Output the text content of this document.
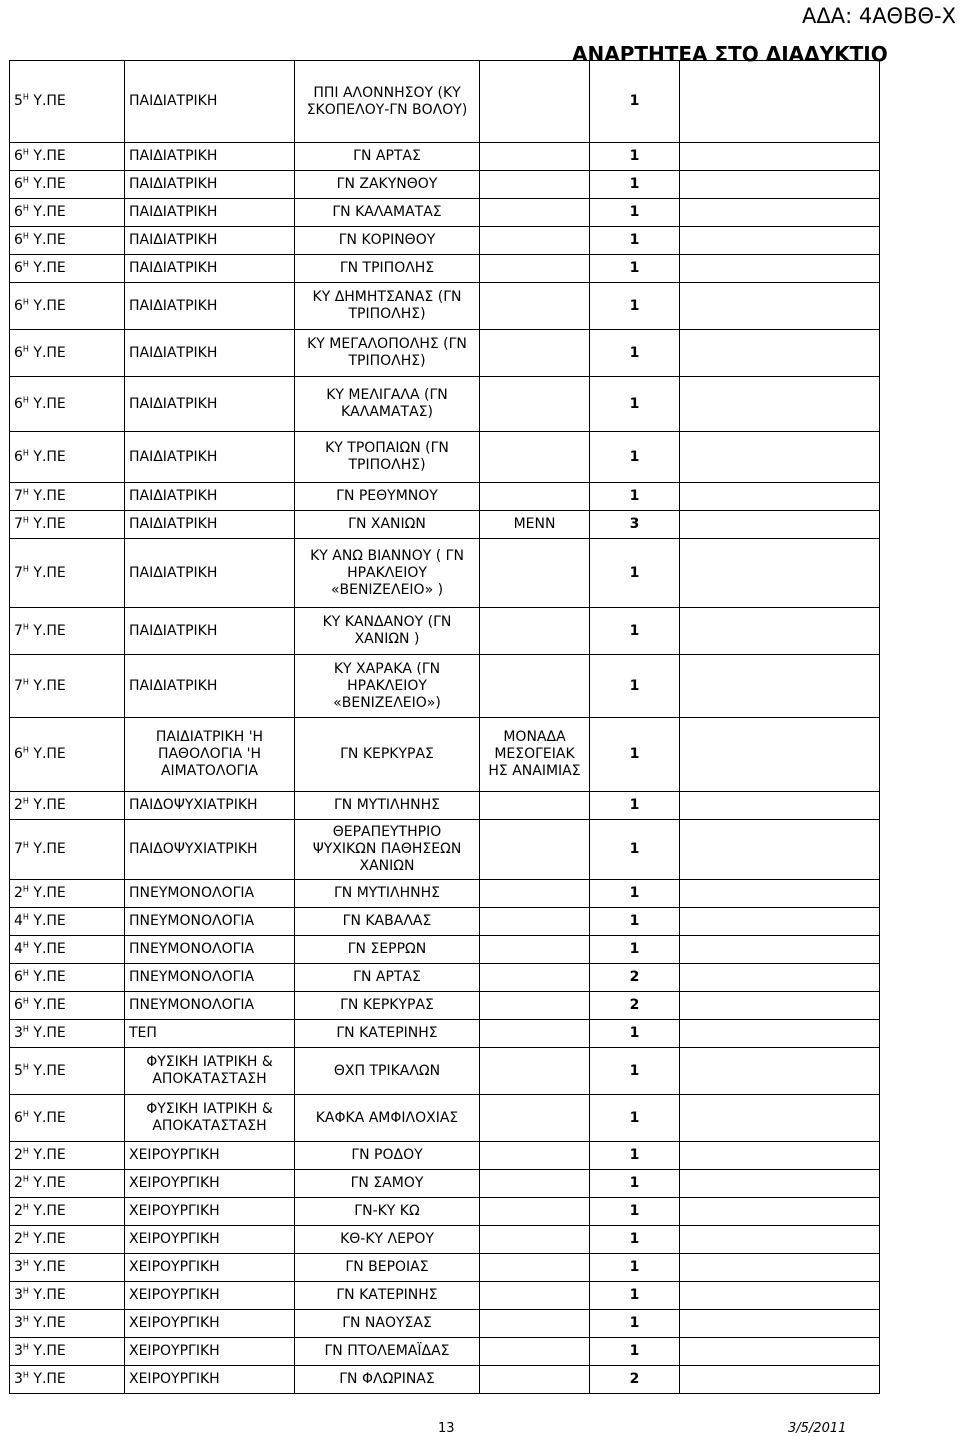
ΑΔΑ: 4ΑΘΒΘ-Χ
ΑΝΑΡΤΗΤΕΑ ΣΤΟ ΔΙΑΔΥΚΤΙΟ
$5^H$ Υ.ΠΕ	ΠΑΙΔΙΑΤΡΙΚΗ	ΠΠΙ ΑΛΟΝΝΗΣΟΥ (ΚΥ ΣΚΟΠΕΛΟΥ-ΓΝ ΒΟΛΟΥ)		1	
$6^H$ Υ.ΠΕ	ΠΑΙΔΙΑΤΡΙΚΗ	ΓΝ ΑΡΤΑΣ		1	
$6^H$ Υ.ΠΕ	ΠΑΙΔΙΑΤΡΙΚΗ	ΓΝ ΖΑΚΥΝΘΟΥ		1	
$6^H$ Υ.ΠΕ	ΠΑΙΔΙΑΤΡΙΚΗ	ΓΝ ΚΑΛΑΜΑΤΑΣ		1	
$6^H$ Υ.ΠΕ	ΠΑΙΔΙΑΤΡΙΚΗ	ΓΝ ΚΟΡΙΝΘΟΥ		1	
$6^H$ Υ.ΠΕ	ΠΑΙΔΙΑΤΡΙΚΗ	ΓΝ ΤΡΙΠΟΛΗΣ		1	
$6^H$ Υ.ΠΕ	ΠΑΙΔΙΑΤΡΙΚΗ	ΚΥ ΔΗΜΗΤΣΑΝΑΣ (ΓΝ ΤΡΙΠΟΛΗΣ)		1	
$6^H$ Υ.ΠΕ	ΠΑΙΔΙΑΤΡΙΚΗ	ΚΥ ΜΕΓΑΛΟΠΟΛΗΣ (ΓΝ ΤΡΙΠΟΛΗΣ)		1	
$6^H$ Υ.ΠΕ	ΠΑΙΔΙΑΤΡΙΚΗ	ΚΥ ΜΕΛΙΓΑΛΑ (ΓΝ ΚΑΛΑΜΑΤΑΣ)		1	
$6^H$ Υ.ΠΕ	ΠΑΙΔΙΑΤΡΙΚΗ	ΚΥ ΤΡΟΠΑΙΩΝ (ΓΝ ΤΡΙΠΟΛΗΣ)		1	
$7^H$ Υ.ΠΕ	ΠΑΙΔΙΑΤΡΙΚΗ	ΓΝ ΡΕΘΥΜΝΟΥ		1	
$7^H$ Υ.ΠΕ	ΠΑΙΔΙΑΤΡΙΚΗ	ΓΝ ΧΑΝΙΩΝ	ΜΕΝΝ	3	
$7^H$ Υ.ΠΕ	ΠΑΙΔΙΑΤΡΙΚΗ	ΚΥ ΑΝΩ ΒΙΑΝΝΟΥ ( ΓΝ ΗΡΑΚΛΕΙΟΥ «ΒΕΝΙΖΕΛΕΙΟ» )		1	
$7^H$ Υ.ΠΕ	ΠΑΙΔΙΑΤΡΙΚΗ	ΚΥ ΚΑΝΔΑΝΟΥ (ΓΝ ΧΑΝΙΩΝ )		1	
$7^H$ Υ.ΠΕ	ΠΑΙΔΙΑΤΡΙΚΗ	ΚΥ ΧΑΡΑΚΑ (ΓΝ ΗΡΑΚΛΕΙΟΥ «ΒΕΝΙΖΕΛΕΙΟ»)		1	
$6^H$ Υ.ΠΕ	ΠΑΙΔΙΑΤΡΙΚΗ 'Η ΠΑΘΟΛΟΓΙΑ 'Η ΑΙΜΑΤΟΛΟΓΙΑ	ΓΝ ΚΕΡΚΥΡΑΣ	ΜΟΝΑΔΑ ΜΕΣΟΓΕΙΑΚ ΗΣ ΑΝΑΙΜΙΑΣ	1	
$2^H$ Υ.ΠΕ	ΠΑΙΔΟΨΥΧΙΑΤΡΙΚΗ	ΓΝ ΜΥΤΙΛΗΝΗΣ		1	
$7^H$ Υ.ΠΕ	ΠΑΙΔΟΨΥΧΙΑΤΡΙΚΗ	ΘΕΡΑΠΕΥΤΗΡΙΟ ΨΥΧΙΚΩΝ ΠΑΘΗΣΕΩΝ ΧΑΝΙΩΝ		1	
$2^H$ Υ.ΠΕ	ΠΝΕΥΜΟΝΟΛΟΓΙΑ	ΓΝ ΜΥΤΙΛΗΝΗΣ		1	
$4^H$ Υ.ΠΕ	ΠΝΕΥΜΟΝΟΛΟΓΙΑ	ΓΝ ΚΑΒΑΛΑΣ		1	
$4^H$ Υ.ΠΕ	ΠΝΕΥΜΟΝΟΛΟΓΙΑ	ΓΝ ΣΕΡΡΩΝ		1	
$6^H$ Υ.ΠΕ	ΠΝΕΥΜΟΝΟΛΟΓΙΑ	ΓΝ ΑΡΤΑΣ		2	
$6^H$ Υ.ΠΕ	ΠΝΕΥΜΟΝΟΛΟΓΙΑ	ΓΝ ΚΕΡΚΥΡΑΣ		2	
$3^H$ Υ.ΠΕ	ΤΕΠ	ΓΝ ΚΑΤΕΡΙΝΗΣ		1	
$5^H$ Υ.ΠΕ	ΦΥΣΙΚΗ ΙΑΤΡΙΚΗ & ΑΠΟΚΑΤΑΣΤΑΣΗ	ΘΧΠ ΤΡΙΚΑΛΩΝ		1	
$6^H$ Υ.ΠΕ	ΦΥΣΙΚΗ ΙΑΤΡΙΚΗ & ΑΠΟΚΑΤΑΣΤΑΣΗ	ΚΑΦΚΑ ΑΜΦΙΛΟΧΙΑΣ		1	
$2^H$ Υ.ΠΕ	ΧΕΙΡΟΥΡΓΙΚΗ	ΓΝ ΡΟΔΟΥ		1	
$2^H$ Υ.ΠΕ	ΧΕΙΡΟΥΡΓΙΚΗ	ΓΝ ΣΑΜΟΥ		1	
$2^H$ Υ.ΠΕ	ΧΕΙΡΟΥΡΓΙΚΗ	ΓΝ-ΚΥ ΚΩ		1	
$2^H$ Υ.ΠΕ	ΧΕΙΡΟΥΡΓΙΚΗ	ΚΘ-ΚΥ ΛΕΡΟΥ		1	
$3^H$ Υ.ΠΕ	ΧΕΙΡΟΥΡΓΙΚΗ	ΓΝ ΒΕΡΟΙΑΣ		1	
$3^H$ Υ.ΠΕ	ΧΕΙΡΟΥΡΓΙΚΗ	ΓΝ ΚΑΤΕΡΙΝΗΣ		1	
$3^H$ Υ.ΠΕ	ΧΕΙΡΟΥΡΓΙΚΗ	ΓΝ ΝΑΟΥΣΑΣ		1	
$3^H$ Υ.ΠΕ	ΧΕΙΡΟΥΡΓΙΚΗ	ΓΝ ΠΤΟΛΕΜΑΪΔΑΣ		1	
$3^H$ Υ.ΠΕ	ΧΕΙΡΟΥΡΓΙΚΗ	ΓΝ ΦΛΩΡΙΝΑΣ		2	
13	3/5/2011
